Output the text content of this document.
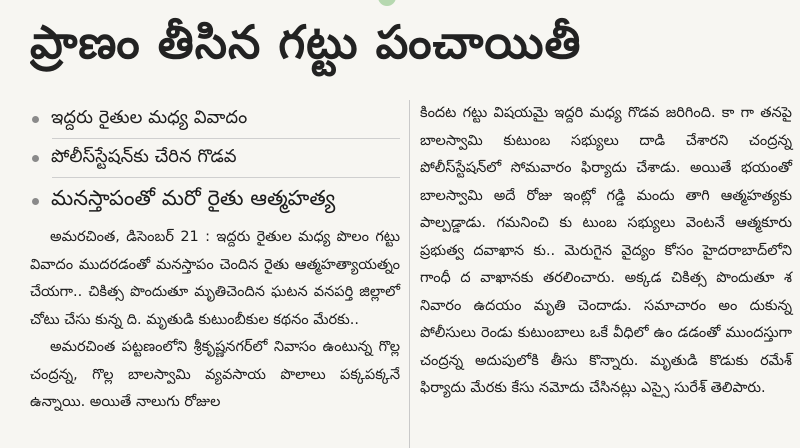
ప్రాణం తీసిన గట్టు పంచాయితీ
ఇద్దరు రైతుల మధ్య వివాదం
పోలీస్‌స్టేషన్‌కు చేరిన గొడవ
మనస్తాపంతో మరో రైతు ఆత్మహత్య

అమరచింత, డిసెంబర్ 21 : ఇద్దరు రైతుల మధ్య పొలం గట్టు వివాదం ముదరడంతో మనస్తాపం చెందిన రైతు ఆత్మహత్యాయత్నం చేయగా.. చికిత్స పొందుతూ మృతిచెందిన ఘటన వనపర్తి జిల్లాలో చోటు చేసు కున్న ది. మృతుడి కుటుంబీకుల కథనం మేరకు..

అమరచింత పట్టణంలోని శ్రీకృష్ణనగర్‌లో నివాసం ఉంటున్న గొల్ల చంద్రన్న, గొల్ల బాలస్వామి వ్యవసాయ పొలాలు పక్కపక్కనే ఉన్నాయి. అయితే నాలుగు రోజుల

కిందట గట్టు విషయమై ఇద్దరి మధ్య గొడవ జరిగింది. కా గా తనపై బాలస్వామి కుటుంబ సభ్యులు దాడి చేశారని చంద్రన్న పోలీస్‌స్టేషన్‌లో సోమవారం ఫిర్యాదు చేశాడు. అయితే భయంతో బాలస్వామి అదే రోజు ఇంట్లో గడ్డి మందు తాగి ఆత్మహత్యకు పాల్పడ్డాడు. గమనించి కు టుంబ సభ్యులు వెంటనే ఆత్మకూరు ప్రభుత్వ దవాఖాన కు.. మెరుగైన వైద్యం కోసం హైదరాబాద్‌లోని గాంధీ ద వాఖానకు తరలించారు. అక్కడ చికిత్స పొందుతూ శ నివారం ఉదయం మృతి చెందాడు. సమాచారం అం దుకున్న పోలీసులు రెండు కుటుంబాలు ఒకే వీధిలో ఉం డడంతో ముందస్తుగా చంద్రన్న అదుపులోకి తీసు కొన్నారు. మృతుడి కొడుకు రమేశ్ ఫిర్యాదు మేరకు కేసు నమోదు చేసినట్లు ఎస్సై సురేశ్ తెలిపారు.
